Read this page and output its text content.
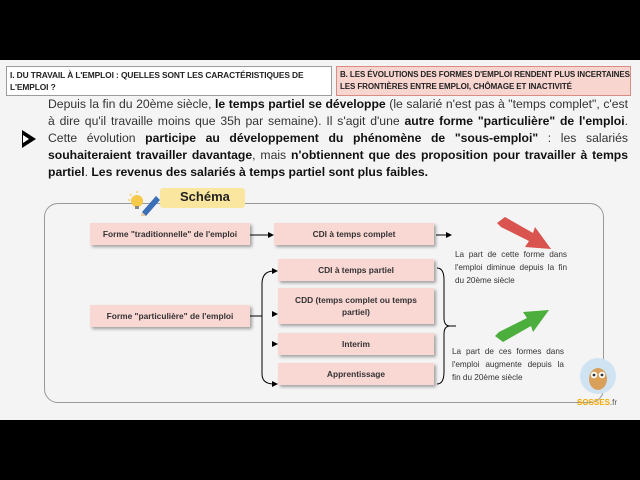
I. DU TRAVAIL À L'EMPLOI : QUELLES SONT LES CARACTÉRISTIQUES DE L'EMPLOI ?
B. LES ÉVOLUTIONS DES FORMES D'EMPLOI RENDENT PLUS INCERTAINES LES FRONTIÈRES ENTRE EMPLOI, CHÔMAGE ET INACTIVITÉ

Depuis la fin du 20ème siècle, le temps partiel se développe (le salarié n'est pas à "temps complet", c'est à dire qu'il travaille moins que 35h par semaine). Il s'agit d'une autre forme "particulière" de l'emploi. Cette évolution participe au développement du phénomène de "sous-emploi" : les salariés souhaiteraient travailler davantage, mais n'obtiennent que des proposition pour travailler à temps partiel. Les revenus des salariés à temps partiel sont plus faibles.

Schéma
Forme "traditionnelle" de l'emploi	CDI à temps complet
Forme "particulière" de l'emploi
CDI à temps partiel
CDD (temps complet ou temps partiel)
Interim
Apprentissage
La part de cette forme dans l'emploi diminue depuis la fin du 20ème siècle
La part de ces formes dans l'emploi augmente depuis la fin du 20ème siècle
SOSSES.fr
